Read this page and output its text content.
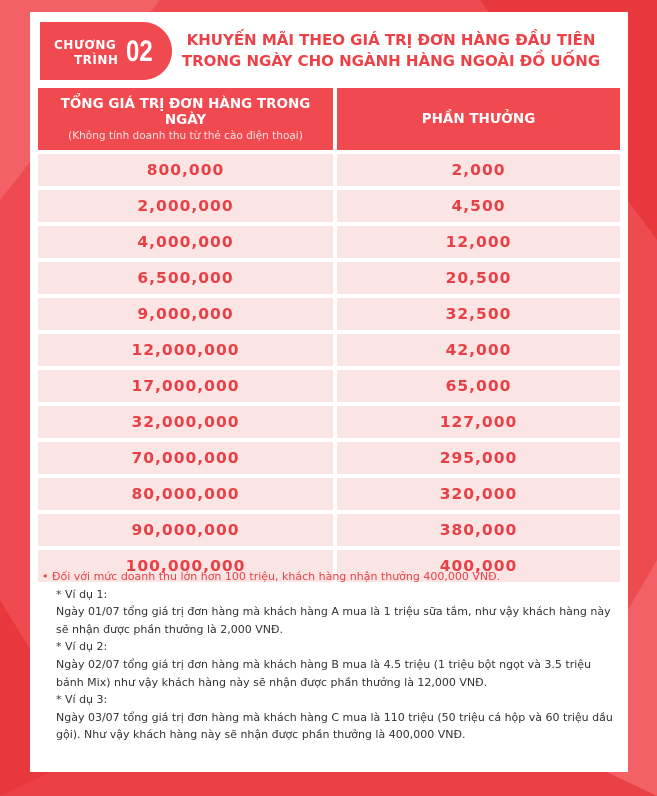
CHƯƠNG
TRÌNH 02	KHUYẾN MÃI THEO GIÁ TRỊ ĐƠN HÀNG ĐẦU TIÊN
TRONG NGÀY CHO NGÀNH HÀNG NGOÀI ĐỒ UỐNG
TỔNG GIÁ TRỊ ĐƠN HÀNG TRONG NGÀY
(Không tính doanh thu từ thẻ cào điện thoại)	PHẦN THƯỞNG
800,000	2,000
2,000,000	4,500
4,000,000	12,000
6,500,000	20,500
9,000,000	32,500
12,000,000	42,000
17,000,000	65,000
32,000,000	127,000
70,000,000	295,000
80,000,000	320,000
90,000,000	380,000
100,000,000	400,000
• Đối với mức doanh thu lớn hơn 100 triệu, khách hàng nhận thưởng 400,000 VNĐ.
* Ví dụ 1:
Ngày 01/07 tổng giá trị đơn hàng mà khách hàng A mua là 1 triệu sữa tắm, như vậy khách hàng này sẽ nhận được phần thưởng là 2,000 VNĐ.
* Ví dụ 2:
Ngày 02/07 tổng giá trị đơn hàng mà khách hàng B mua là 4.5 triệu (1 triệu bột ngọt và 3.5 triệu bánh Mix) như vậy khách hàng này sẽ nhận được phần thưởng là 12,000 VNĐ.
* Ví dụ 3:
Ngày 03/07 tổng giá trị đơn hàng mà khách hàng C mua là 110 triệu (50 triệu cá hộp và 60 triệu dầu gội). Như vậy khách hàng này sẽ nhận được phần thưởng là 400,000 VNĐ.
